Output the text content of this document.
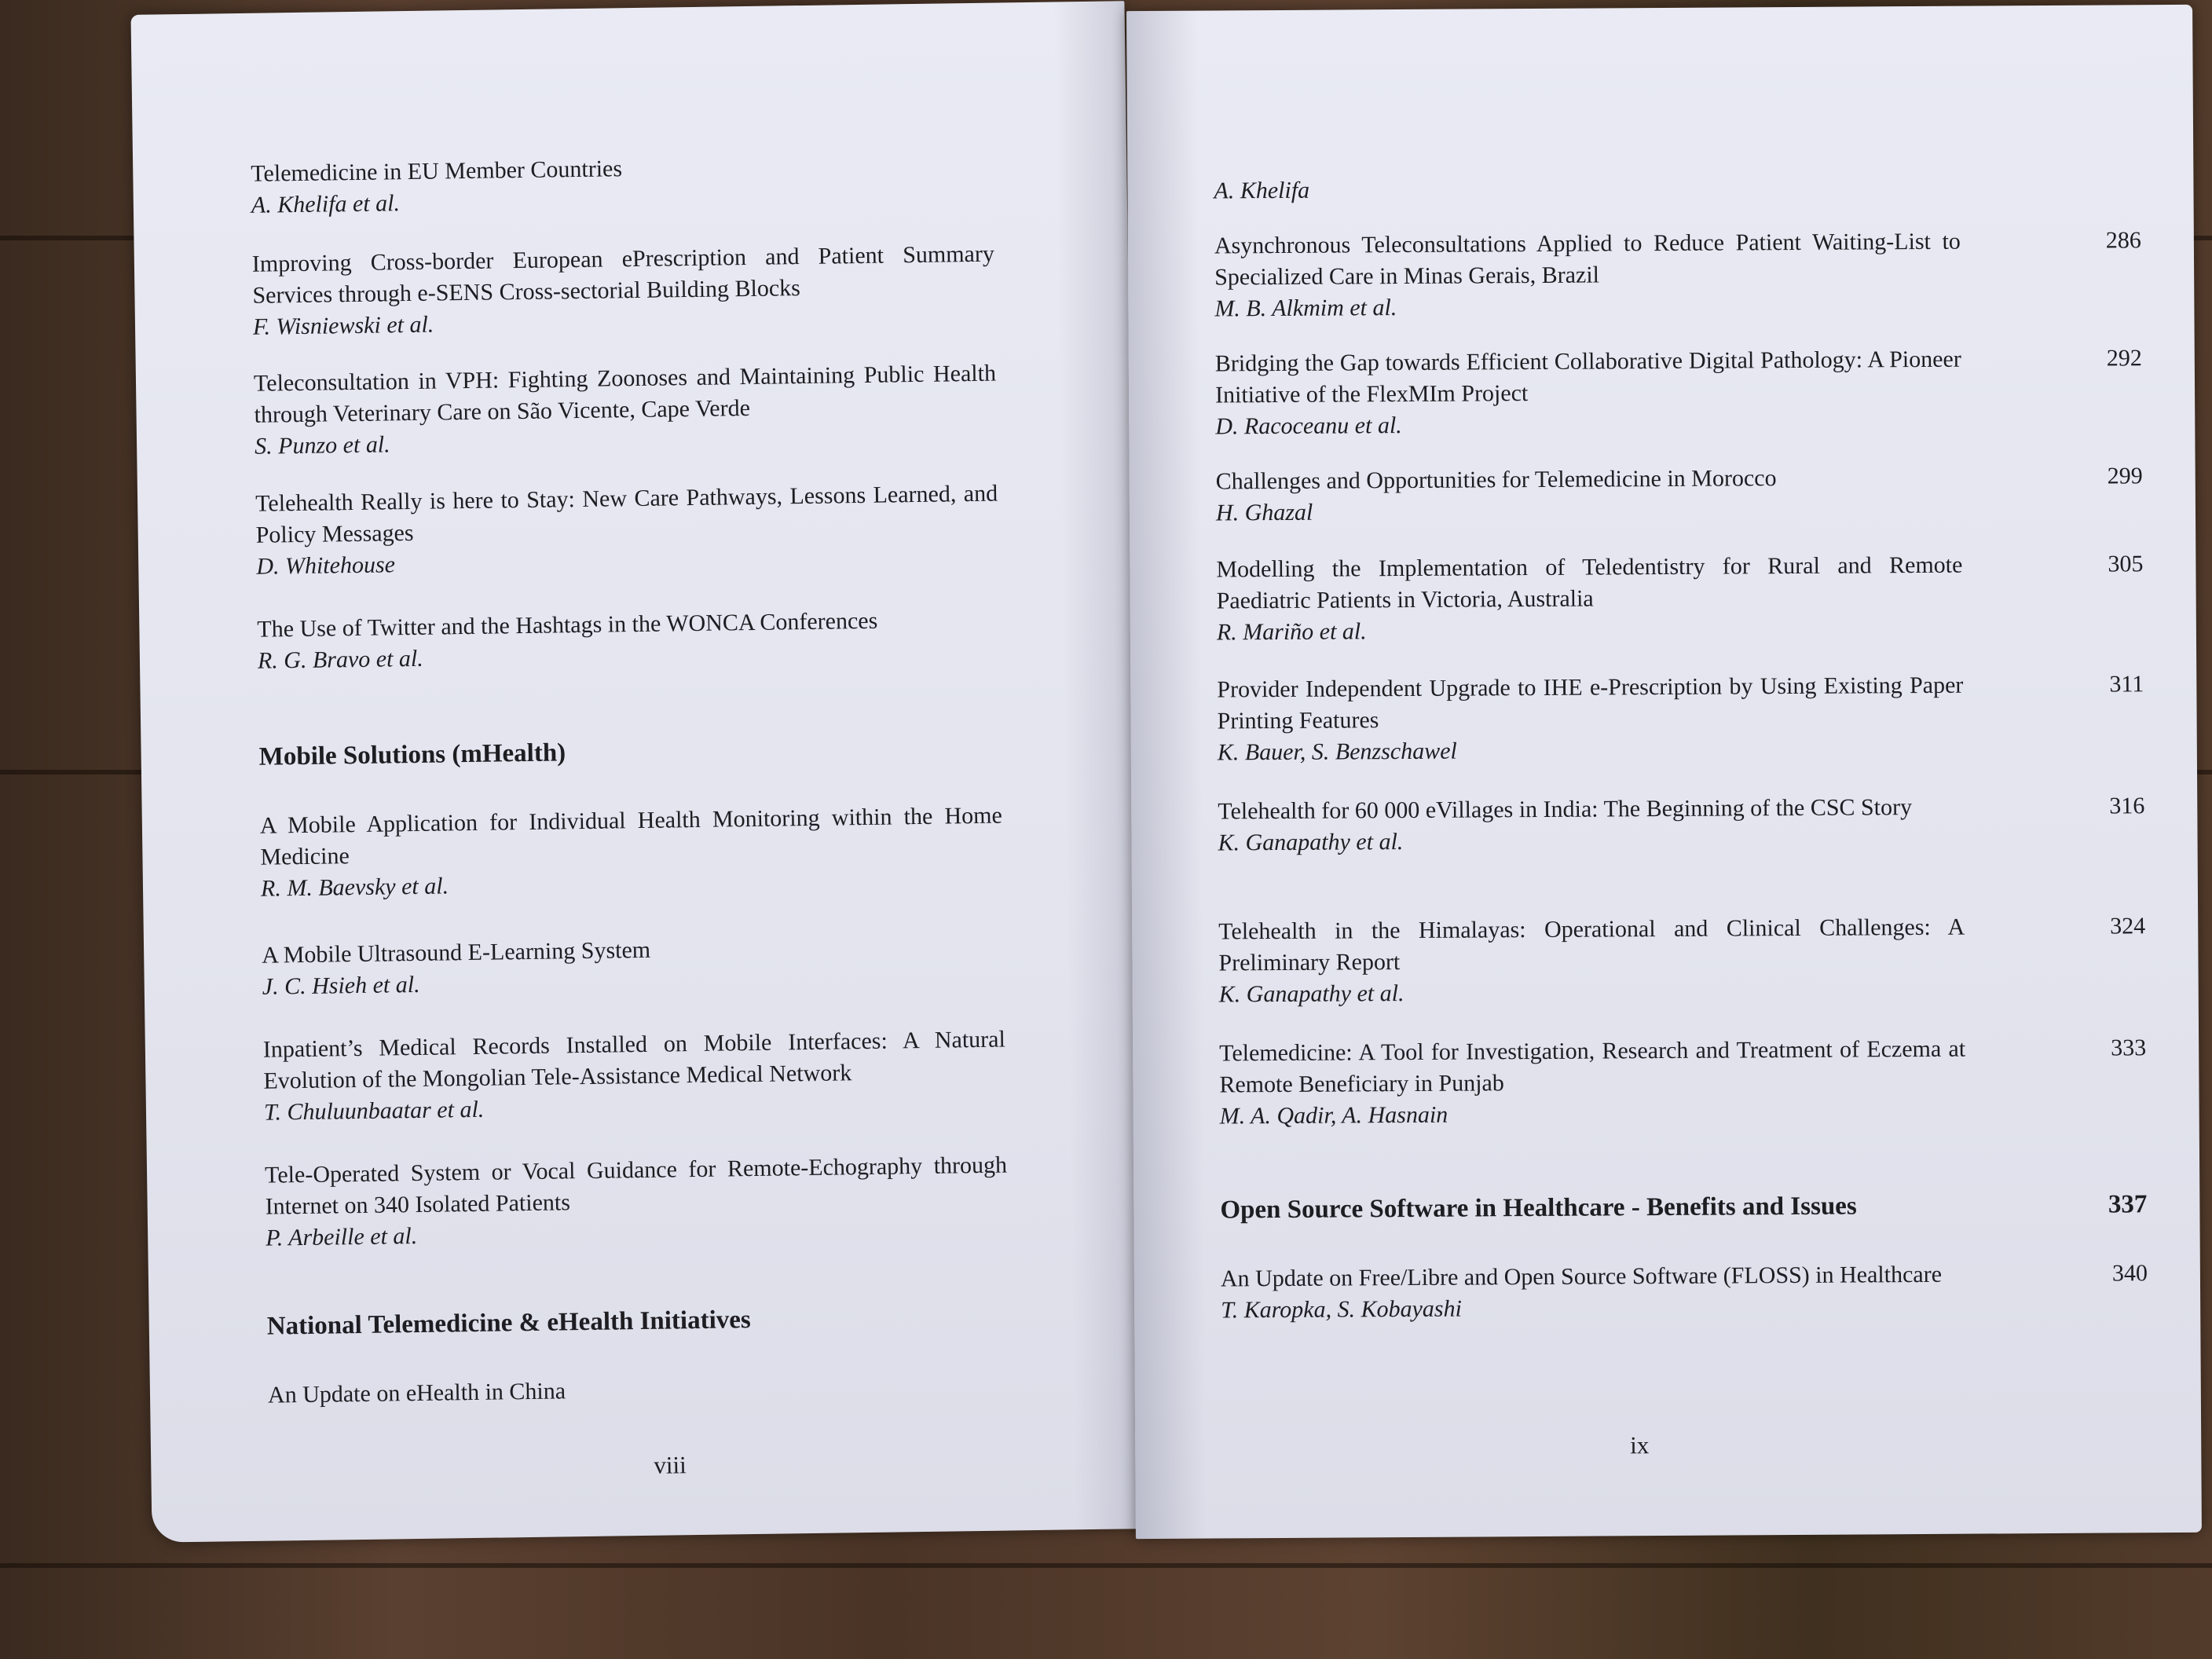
Telemedicine in EU Member Countries
A. Khelifa et al.
Improving Cross-border European ePrescription and Patient Summary Services through e-SENS Cross-sectorial Building Blocks
F. Wisniewski et al.
Teleconsultation in VPH: Fighting Zoonoses and Maintaining Public Health through Veterinary Care on São Vicente, Cape Verde
S. Punzo et al.
Telehealth Really is here to Stay: New Care Pathways, Lessons Learned, and Policy Messages
D. Whitehouse
The Use of Twitter and the Hashtags in the WONCA Conferences
R. G. Bravo et al.
Mobile Solutions (mHealth)
A Mobile Application for Individual Health Monitoring within the Home Medicine
R. M. Baevsky et al.
A Mobile Ultrasound E-Learning System
J. C. Hsieh et al.
Inpatient’s Medical Records Installed on Mobile Interfaces: A Natural Evolution of the Mongolian Tele-Assistance Medical Network
T. Chuluunbaatar et al.
Tele-Operated System or Vocal Guidance for Remote-Echography through Internet on 340 Isolated Patients
P. Arbeille et al.
National Telemedicine & eHealth Initiatives
An Update on eHealth in China
viii
A. Khelifa
Asynchronous Teleconsultations Applied to Reduce Patient Waiting-List to Specialized Care in Minas Gerais, Brazil
M. B. Alkmim et al.
286
Bridging the Gap towards Efficient Collaborative Digital Pathology: A Pioneer Initiative of the FlexMIm Project
D. Racoceanu et al.
292
Challenges and Opportunities for Telemedicine in Morocco
H. Ghazal
299
Modelling the Implementation of Teledentistry for Rural and Remote Paediatric Patients in Victoria, Australia
R. Mariño et al.
305
Provider Independent Upgrade to IHE e-Prescription by Using Existing Paper Printing Features
K. Bauer, S. Benzschawel
311
Telehealth for 60 000 eVillages in India: The Beginning of the CSC Story
K. Ganapathy et al.
316
Telehealth in the Himalayas: Operational and Clinical Challenges: A Preliminary Report
K. Ganapathy et al.
324
Telemedicine: A Tool for Investigation, Research and Treatment of Eczema at Remote Beneficiary in Punjab
M. A. Qadir, A. Hasnain
333
Open Source Software in Healthcare - Benefits and Issues	337
An Update on Free/Libre and Open Source Software (FLOSS) in Healthcare
T. Karopka, S. Kobayashi
340
ix
